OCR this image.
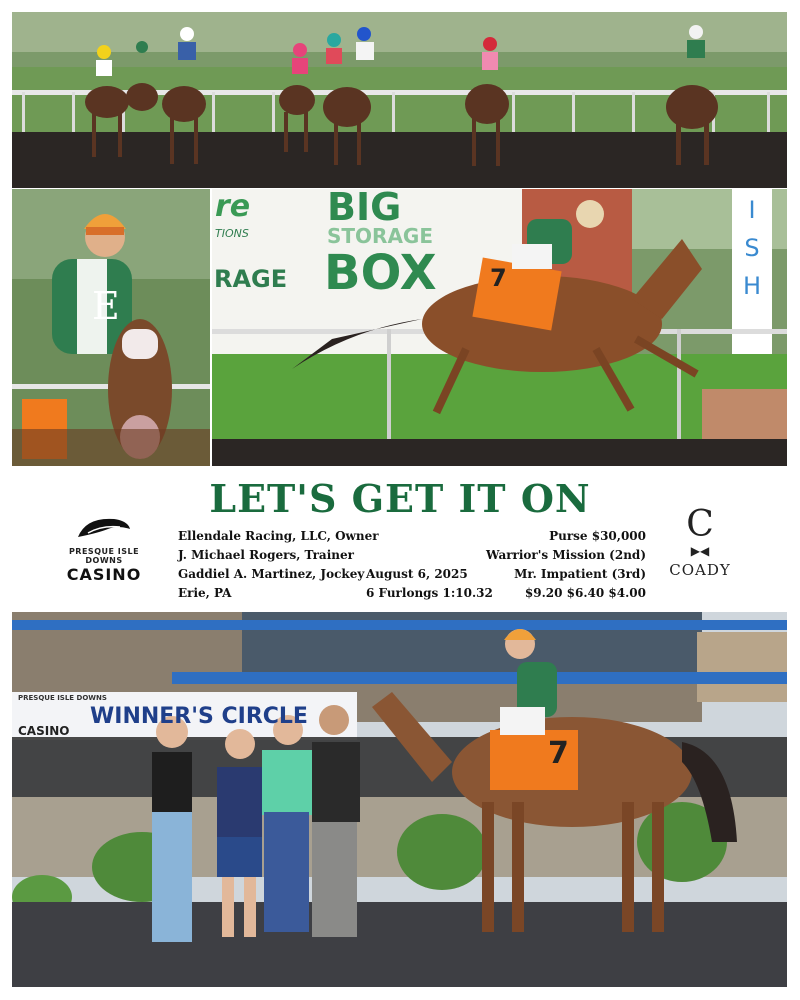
E
re
TIONS
BIG
STORAGE
BOX
RAGE
I
S
H
7
LET'S GET IT ON
PRESQUE ISLE DOWNS
CASINO
Ellendale Racing, LLC, Owner
J. Michael Rogers, Trainer
Gaddiel A. Martinez, Jockey
Erie, PA
August 6, 2025
6 Furlongs 1:10.32
Purse $30,000
Warrior's Mission (2nd)
Mr. Impatient (3rd)
$9.20 $6.40 $4.00
C
▶◀
COADY
PRESQUE ISLE DOWNS
CASINO
WINNER'S CIRCLE
7
